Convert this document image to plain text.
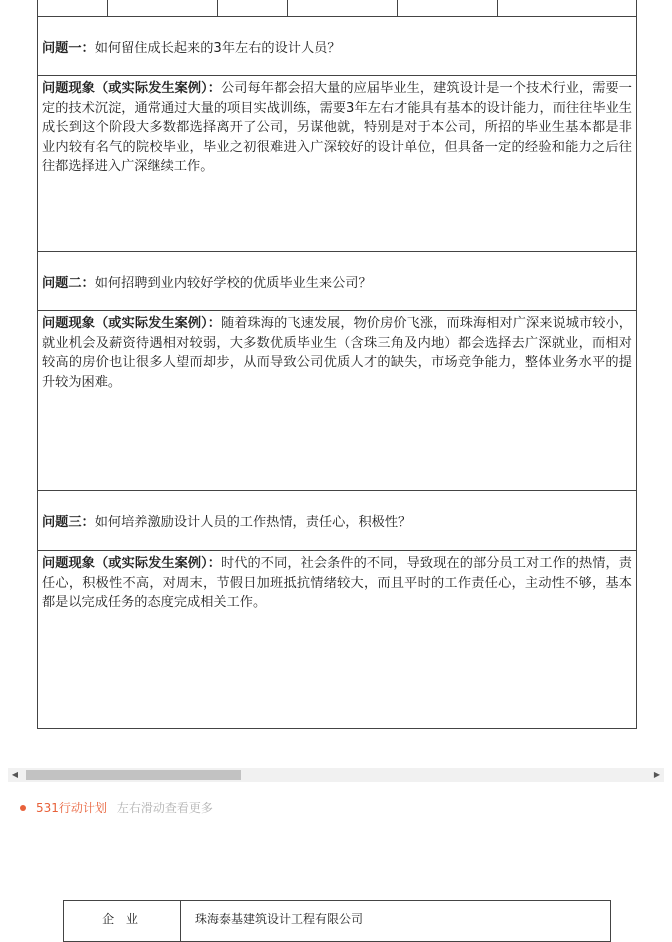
问题一：如何留住成长起来的3年左右的设计人员？
问题现象（或实际发生案例）：公司每年都会招大量的应届毕业生，建筑设计是一个技术行业，需要一定的技术沉淀，通常通过大量的项目实战训练，需要3年左右才能具有基本的设计能力，而往往毕业生成长到这个阶段大多数都选择离开了公司，另谋他就，特别是对于本公司，所招的毕业生基本都是非业内较有名气的院校毕业，毕业之初很难进入广深较好的设计单位，但具备一定的经验和能力之后往往都选择进入广深继续工作。
问题二：如何招聘到业内较好学校的优质毕业生来公司？
问题现象（或实际发生案例）：随着珠海的飞速发展，物价房价飞涨，而珠海相对广深来说城市较小，就业机会及薪资待遇相对较弱，大多数优质毕业生（含珠三角及内地）都会选择去广深就业，而相对较高的房价也让很多人望而却步，从而导致公司优质人才的缺失，市场竞争能力，整体业务水平的提升较为困难。
问题三：如何培养激励设计人员的工作热情，责任心，积极性？
问题现象（或实际发生案例）：时代的不同，社会条件的不同，导致现在的部分员工对工作的热情，责任心，积极性不高，对周末，节假日加班抵抗情绪较大，而且平时的工作责任心，主动性不够，基本都是以完成任务的态度完成相关工作。
◀	▶
531行动计划 左右滑动查看更多
企 业	珠海泰基建筑设计工程有限公司
